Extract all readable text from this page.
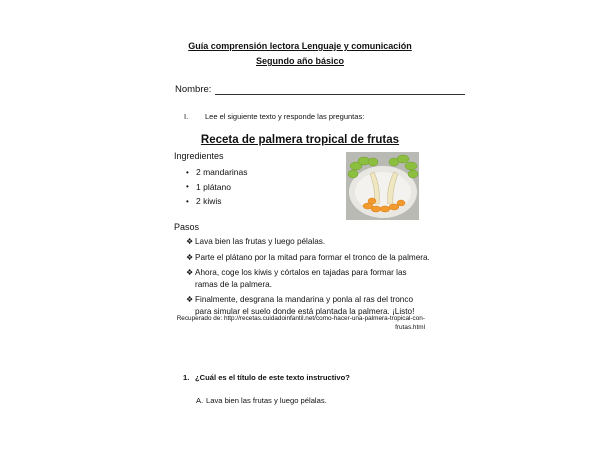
Guía comprensión lectora Lenguaje y comunicación
Segundo año básico
Nombre:
I. Lee el siguiente texto y responde las preguntas:
Receta de palmera tropical de frutas
Ingredientes
• 2 mandarinas
• 1 plátano
• 2 kiwis
Pasos
❖ Lava bien las frutas y luego pélalas.
❖ Parte el plátano por la mitad para formar el tronco de la palmera.
❖ Ahora, coge los kiwis y córtalos en tajadas para formar las ramas de la palmera.
❖ Finalmente, desgrana la mandarina y ponla al ras del tronco para simular el suelo donde está plantada la palmera. ¡Listo!
Recuperado de: http://recetas.cuidadoinfantil.net/como-hacer-una-palmera-tropical-con-
frutas.html
1. ¿Cuál es el título de este texto instructivo?
A. Lava bien las frutas y luego pélalas.
